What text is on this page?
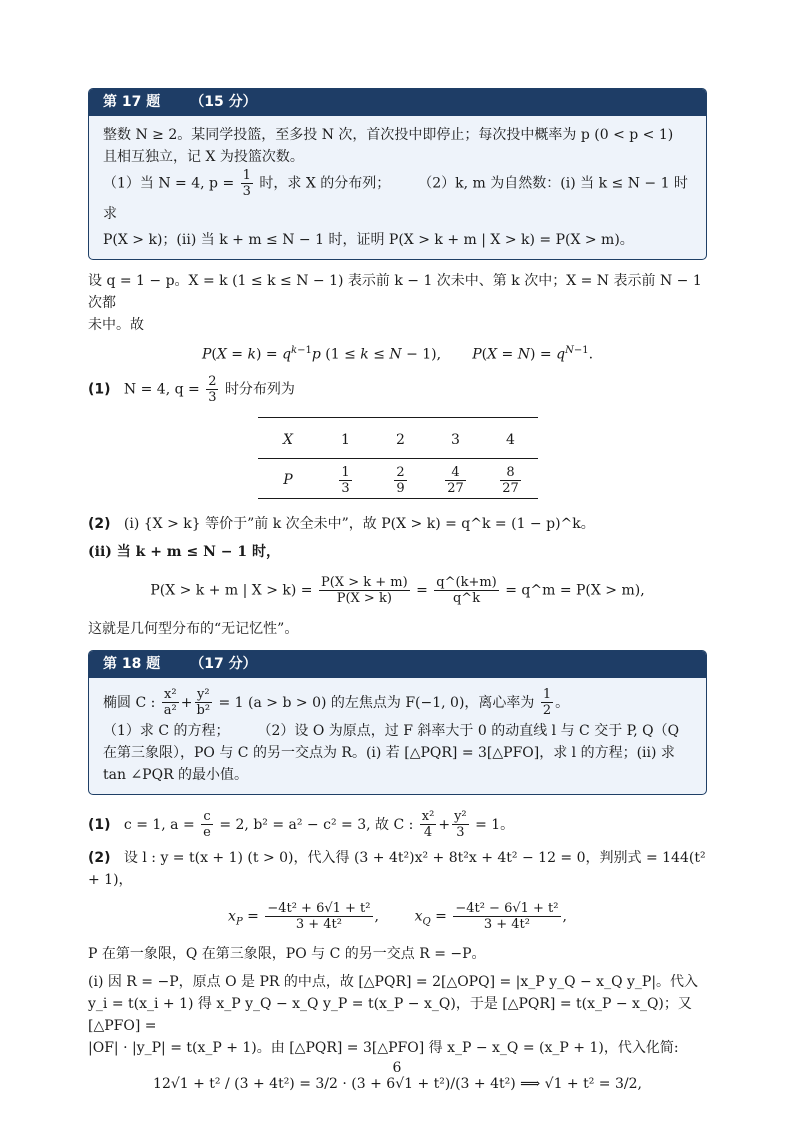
第 17 题 （15 分）

整数 N ≥ 2。某同学投篮，至多投 N 次，首次投中即停止；每次投中概率为 p (0 < p < 1)

且相互独立，记 X 为投篮次数。

（1）当 N = 4, $p = \frac{1}{3}$ 时，求 X 的分布列；　　　（2）k, m 为自然数：(i) 当 k ≤ N − 1 时求

P(X > k)；(ii) 当 k + m ≤ N − 1 时，证明 P(X > k + m | X > k) = P(X > m)。

设 q = 1 − p。X = k (1 ≤ k ≤ N − 1) 表示前 k − 1 次未中、第 k 次中；X = N 表示前 N − 1 次都

未中。故

$P(X = k) = q^{k-1}p$ (1 ≤ k ≤ N − 1),       $P(X = N) = q^{N-1}$.

(1) N = 4, $q = \frac{2}{3}$ 时分布列为

X	1	2	3	4
P	$\frac{1}{3}$	$\frac{2}{9}$	$\frac{4}{27}$	$\frac{8}{27}$

(2) (i) {X > k} 等价于”前 k 次全未中”，故 P(X > k) = q^k = (1 − p)^k。

(ii) 当 k + m ≤ N − 1 时，

P(X > k + m | $X > k) = \frac{P(X > k + m)}{P(X > k)} = \frac{q\^{}(k+m)}{q\^{}k}$ = q^m = P(X > m),

这就是几何型分布的“无记忆性”。

第 18 题 （17 分）

椭圆 C : $\frac{\text{x²}}{\text{a²}} + \frac{\text{y²}}{\text{b²}} = 1$ (a > b > 0) 的左焦点为 F(−1, 0)，离心率为 $\frac{1}{2}$ 。

（1）求 C 的方程；　　　（2）设 O 为原点，过 F 斜率大于 0 的动直线 l 与 C 交于 P, Q（Q

在第三象限），PO 与 C 的另一交点为 R。(i) 若 [△PQR] = 3[△PFO]，求 l 的方程；(ii) 求

tan ∠PQR 的最小值。

(1) c = 1, $a = \frac{c}{e} = 2$, b² = a² − c² = 3, 故 C : $\frac{\text{x²}}{4} + \frac{\text{y²}}{3} = 1$。

(2) 设 l : y = t(x + 1) (t > 0)，代入得 (3 + 4t²)x² + 8t²x + 4t² − 12 = 0，判别式 = 144(t² + 1)，

$x_P = \frac{\text{−4t² + 6√1 + t²}}{\text{3 + 4t²}}$ ,        $x_Q = \frac{\text{−4t² − 6√1 + t²}}{\text{3 + 4t²}}$ ,

P 在第一象限，Q 在第三象限，PO 与 C 的另一交点 R = −P。

(i) 因 R = −P，原点 O 是 PR 的中点，故 [△PQR] = 2[△OPQ] = |x_P y_Q − x_Q y_P|。代入

y_i = t(x_i + 1) 得 x_P y_Q − x_Q y_P = t(x_P − x_Q)，于是 [△PQR] = t(x_P − x_Q)；又 [△PFO] =

|OF| · |y_P| = t(x_P + 1)。由 [△PQR] = 3[△PFO] 得 x_P − x_Q = (x_P + 1)，代入化简:

12√1 + t² / (3 + 4t²) = 3/2 · (3 + 6√1 + t²)/(3 + 4t²) ⟹ √1 + t² = 3/2,

6
